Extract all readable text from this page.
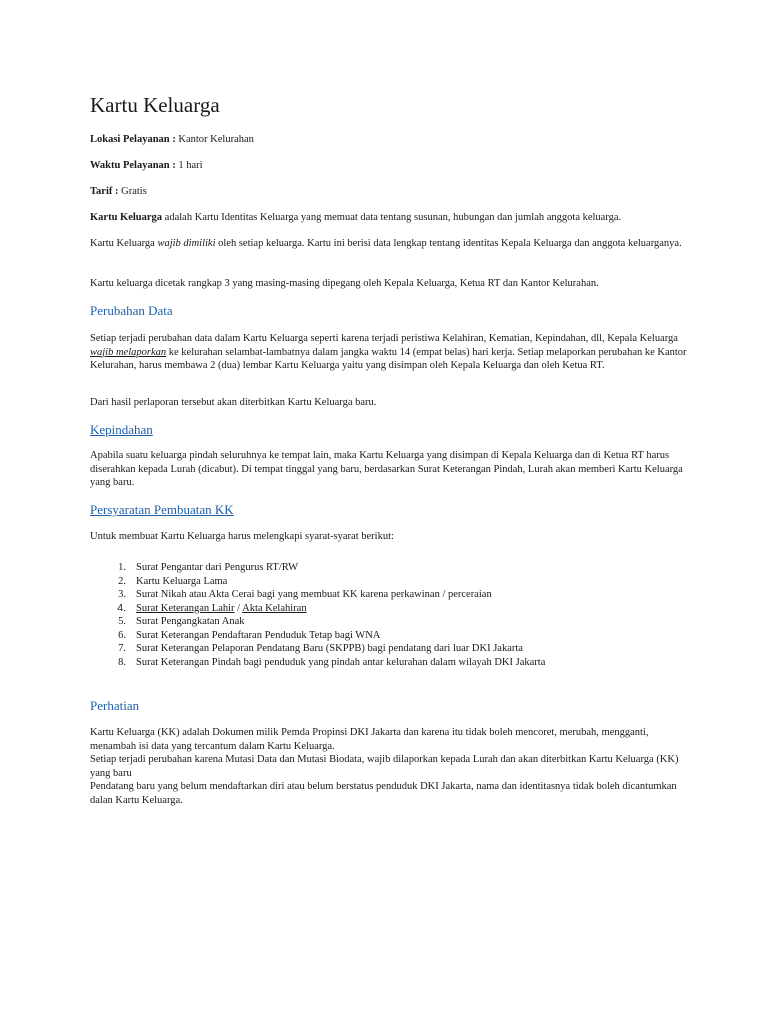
Kartu Keluarga

Lokasi Pelayanan : Kantor Kelurahan

Waktu Pelayanan : 1 hari

Tarif : Gratis

Kartu Keluarga adalah Kartu Identitas Keluarga yang memuat data tentang susunan, hubungan dan jumlah anggota keluarga.

Kartu Keluarga wajib dimiliki oleh setiap keluarga. Kartu ini berisi data lengkap tentang identitas Kepala Keluarga dan anggota keluarganya.

Kartu keluarga dicetak rangkap 3 yang masing-masing dipegang oleh Kepala Keluarga, Ketua RT dan Kantor Kelurahan.

Perubahan Data

Setiap terjadi perubahan data dalam Kartu Keluarga seperti karena terjadi peristiwa Kelahiran, Kematian, Kepindahan, dll, Kepala Keluarga wajib melaporkan ke kelurahan selambat-lambatnya dalam jangka waktu 14 (empat belas) hari kerja. Setiap melaporkan perubahan ke Kantor Kelurahan, harus membawa 2 (dua) lembar Kartu Keluarga yaitu yang disimpan oleh Kepala Keluarga dan oleh Ketua RT.

Dari hasil perlaporan tersebut akan diterbitkan Kartu Keluarga baru.

Kepindahan

Apabila suatu keluarga pindah seluruhnya ke tempat lain, maka Kartu Keluarga yang disimpan di Kepala Keluarga dan di Ketua RT harus diserahkan kepada Lurah (dicabut). Di tempat tinggal yang baru, berdasarkan Surat Keterangan Pindah, Lurah akan memberi Kartu Keluarga yang baru.

Persyaratan Pembuatan KK

Untuk membuat Kartu Keluarga harus melengkapi syarat-syarat berikut:

1. Surat Pengantar dari Pengurus RT/RW
2. Kartu Keluarga Lama
3. Surat Nikah atau Akta Cerai bagi yang membuat KK karena perkawinan / perceraian
4. Surat Keterangan Lahir / Akta Kelahiran
5. Surat Pengangkatan Anak
6. Surat Keterangan Pendaftaran Penduduk Tetap bagi WNA
7. Surat Keterangan Pelaporan Pendatang Baru (SKPPB) bagi pendatang dari luar DKI Jakarta
8. Surat Keterangan Pindah bagi penduduk yang pindah antar kelurahan dalam wilayah DKI Jakarta
Perhatian

Kartu Keluarga (KK) adalah Dokumen milik Pemda Propinsi DKI Jakarta dan karena itu tidak boleh mencoret, merubah, mengganti, menambah isi data yang tercantum dalam Kartu Keluarga.

Setiap terjadi perubahan karena Mutasi Data dan Mutasi Biodata, wajib dilaporkan kepada Lurah dan akan diterbitkan Kartu Keluarga (KK) yang baru

Pendatang baru yang belum mendaftarkan diri atau belum berstatus penduduk DKI Jakarta, nama dan identitasnya tidak boleh dicantumkan dalan Kartu Keluarga.
